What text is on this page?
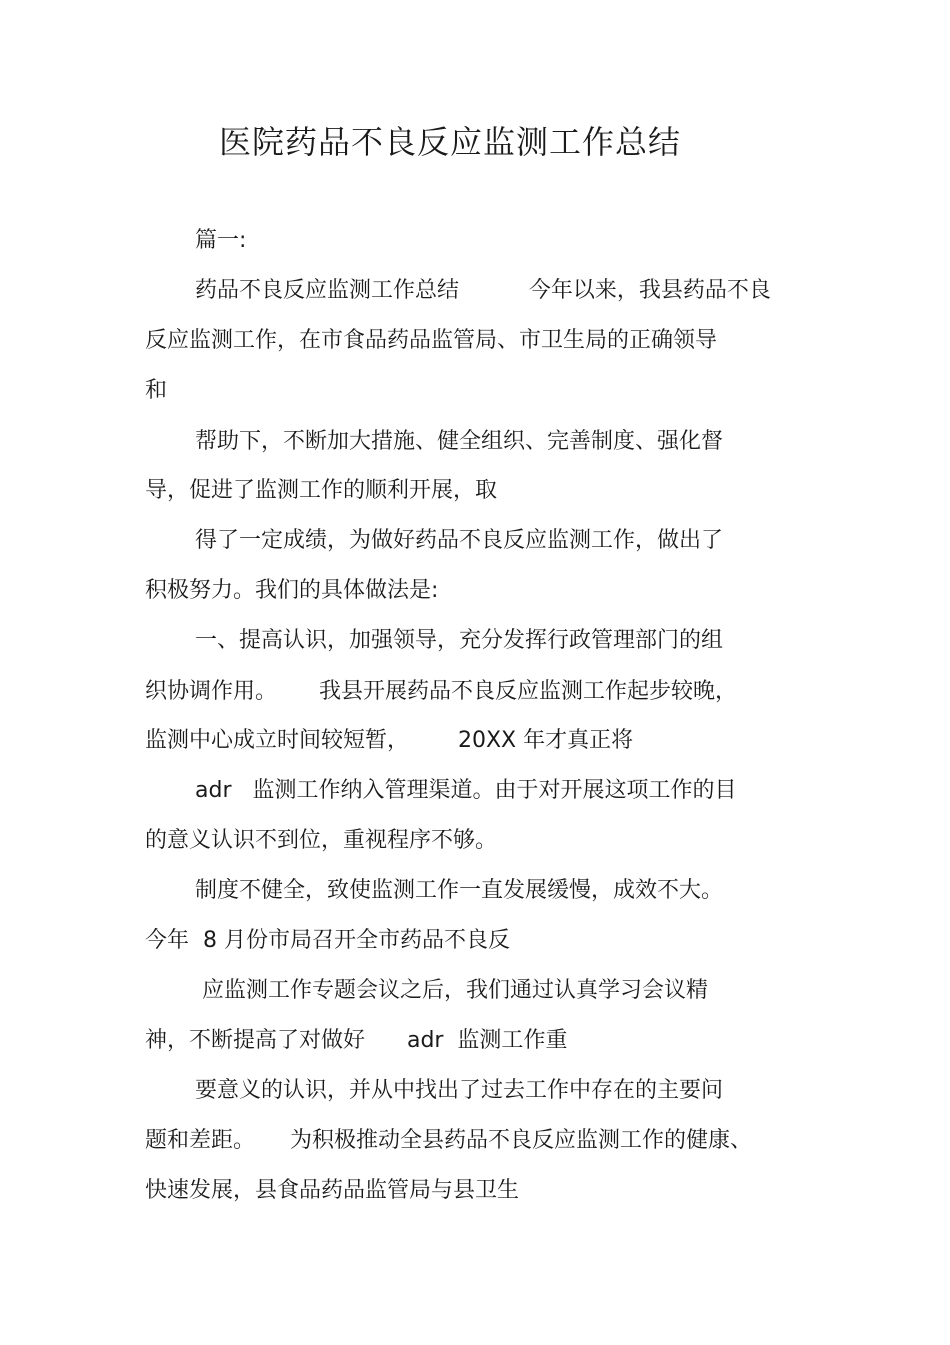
医院药品不良反应监测工作总结
篇一:
药品不良反应监测工作总结          今年以来，我县药品不良
反应监测工作，在市食品药品监管局、市卫生局的正确领导
和
帮助下，不断加大措施、健全组织、完善制度、强化督
导，促进了监测工作的顺利开展，取
得了一定成绩，为做好药品不良反应监测工作，做出了
积极努力。我们的具体做法是:
一、提高认识，加强领导，充分发挥行政管理部门的组
织协调作用。      我县开展药品不良反应监测工作起步较晚，
监测中心成立时间较短暂，       20XX 年才真正将
adr   监测工作纳入管理渠道。由于对开展这项工作的目
的意义认识不到位，重视程序不够。
制度不健全，致使监测工作一直发展缓慢，成效不大。
今年  8 月份市局召开全市药品不良反
应监测工作专题会议之后，我们通过认真学习会议精
神，不断提高了对做好      adr  监测工作重
要意义的认识，并从中找出了过去工作中存在的主要问
题和差距。     为积极推动全县药品不良反应监测工作的健康、
快速发展，县食品药品监管局与县卫生
